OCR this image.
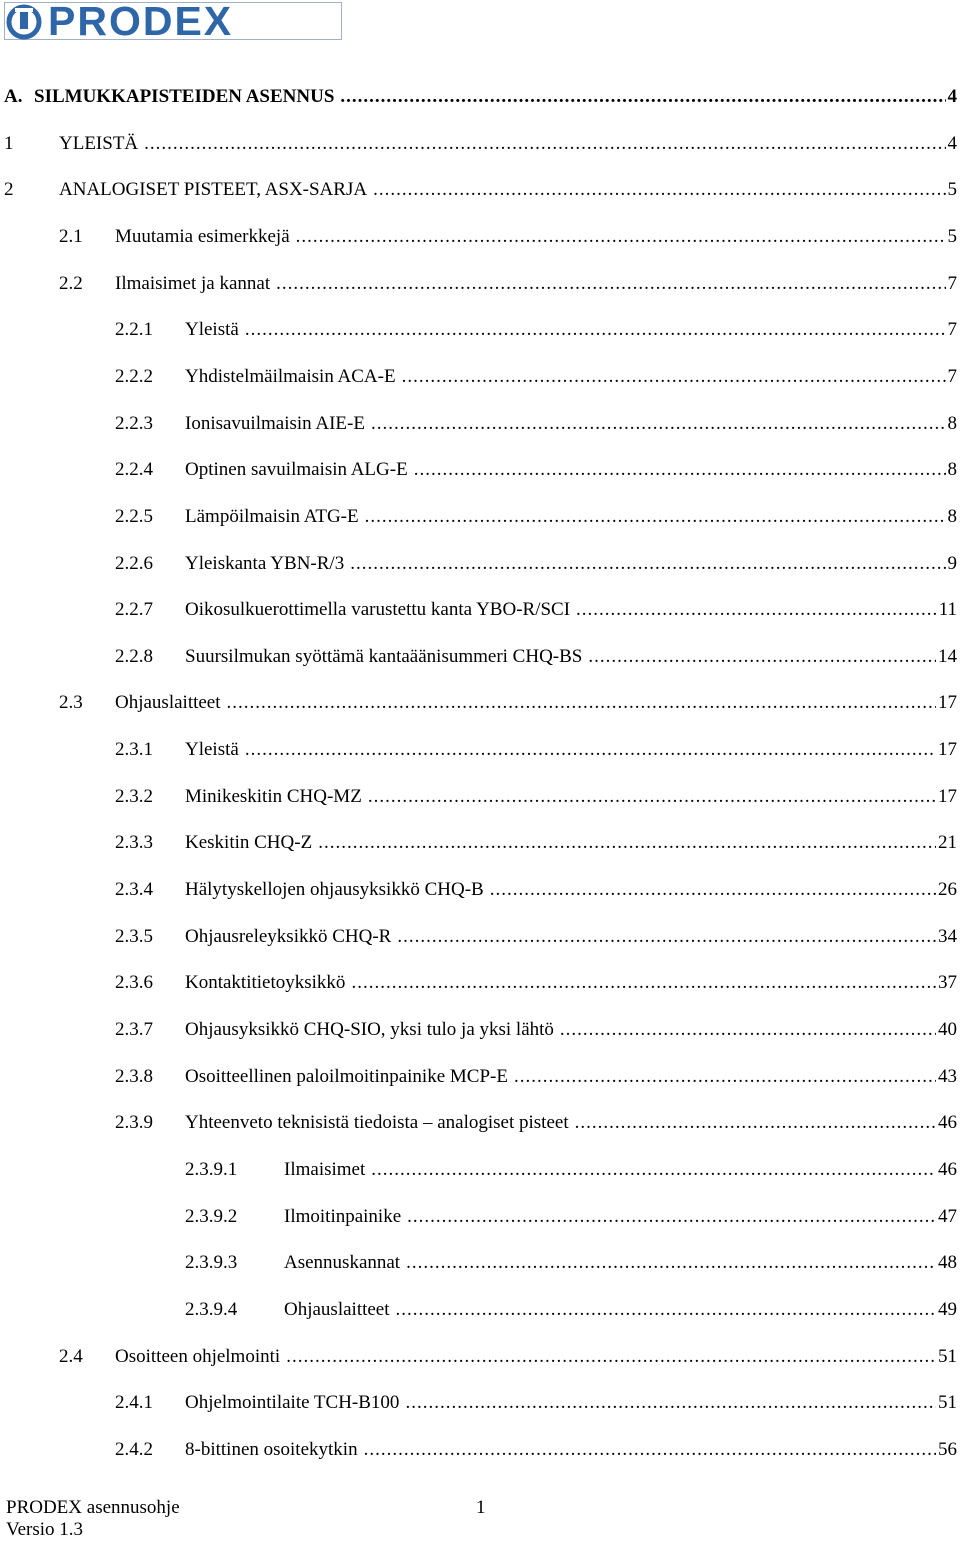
PRODEX
A. SILMUKKAPISTEIDEN ASENNUS .....	4
1 YLEISTÄ .....	4
2 ANALOGISET PISTEET, ASX-SARJA .....	5
2.1 Muutamia esimerkkejä .....	5
2.2 Ilmaisimet ja kannat .....	7
2.2.1 Yleistä .....	7
2.2.2 Yhdistelmäilmaisin ACA-E .....	7
2.2.3 Ionisavuilmaisin AIE-E .....	8
2.2.4 Optinen savuilmaisin ALG-E .....	8
2.2.5 Lämpöilmaisin ATG-E .....	8
2.2.6 Yleiskanta YBN-R/3 .....	9
2.2.7 Oikosulkuerottimella varustettu kanta YBO-R/SCI .....	11
2.2.8 Suursilmukan syöttämä kantaäänisummeri CHQ-BS .....	14
2.3 Ohjauslaitteet .....	17
2.3.1 Yleistä .....	17
2.3.2 Minikeskitin CHQ-MZ .....	17
2.3.3 Keskitin CHQ-Z .....	21
2.3.4 Hälytyskellojen ohjausyksikkö CHQ-B .....	26
2.3.5 Ohjausreleyksikkö CHQ-R .....	34
2.3.6 Kontaktitietoyksikkö .....	37
2.3.7 Ohjausyksikkö CHQ-SIO, yksi tulo ja yksi lähtö .....	40
2.3.8 Osoitteellinen paloilmoitinpainike MCP-E .....	43
2.3.9 Yhteenveto teknisistä tiedoista – analogiset pisteet .....	46
2.3.9.1 Ilmaisimet .....	46
2.3.9.2 Ilmoitinpainike .....	47
2.3.9.3 Asennuskannat .....	48
2.3.9.4 Ohjauslaitteet .....	49
2.4 Osoitteen ohjelmointi .....	51
2.4.1 Ohjelmointilaite TCH-B100 .....	51
2.4.2 8-bittinen osoitekytkin .....	56
PRODEX asennusohje
Versio 1.3
1
